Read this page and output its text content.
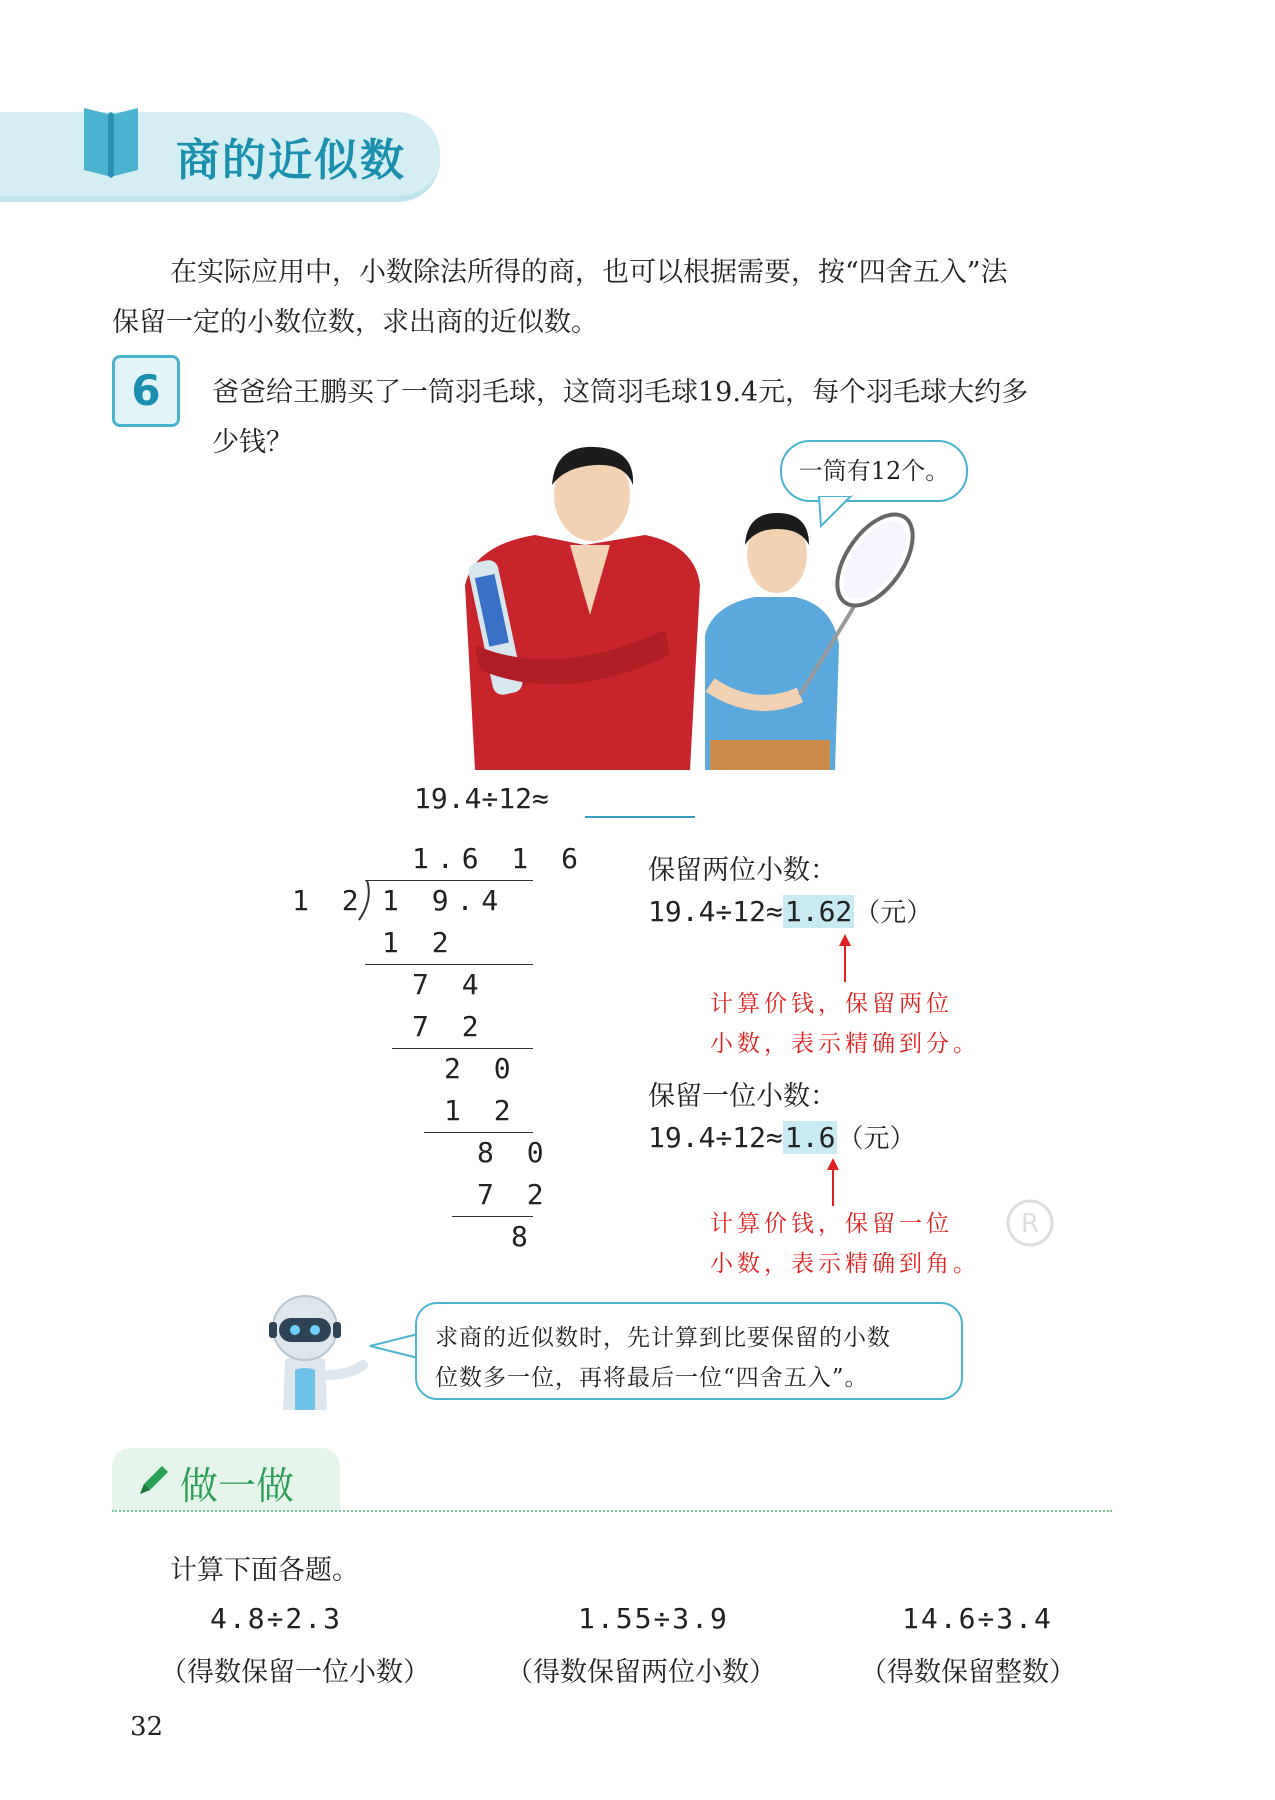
商的近似数
在实际应用中，小数除法所得的商，也可以根据需要，按“四舍五入”法
保留一定的小数位数，求出商的近似数。
6	爸爸给王鹏买了一筒羽毛球，这筒羽毛球19.4元，每个羽毛球大约多
少钱？
一筒有12个。
19.4÷12≈
1.6 1 6
1 2 1 9.4
1 2
7 4
7 2
2 0
1 2
8 0
7 2
8
保留两位小数：
19.4÷12≈1.62（元）
计算价钱，保留两位
小数，表示精确到分。
保留一位小数：
19.4÷12≈1.6（元）
计算价钱，保留一位
小数，表示精确到角。
R
求商的近似数时，先计算到比要保留的小数
位数多一位，再将最后一位“四舍五入”。
做一做
计算下面各题。
4.8÷2.3
（得数保留一位小数）
1.55÷3.9
（得数保留两位小数）
14.6÷3.4
（得数保留整数）
32
